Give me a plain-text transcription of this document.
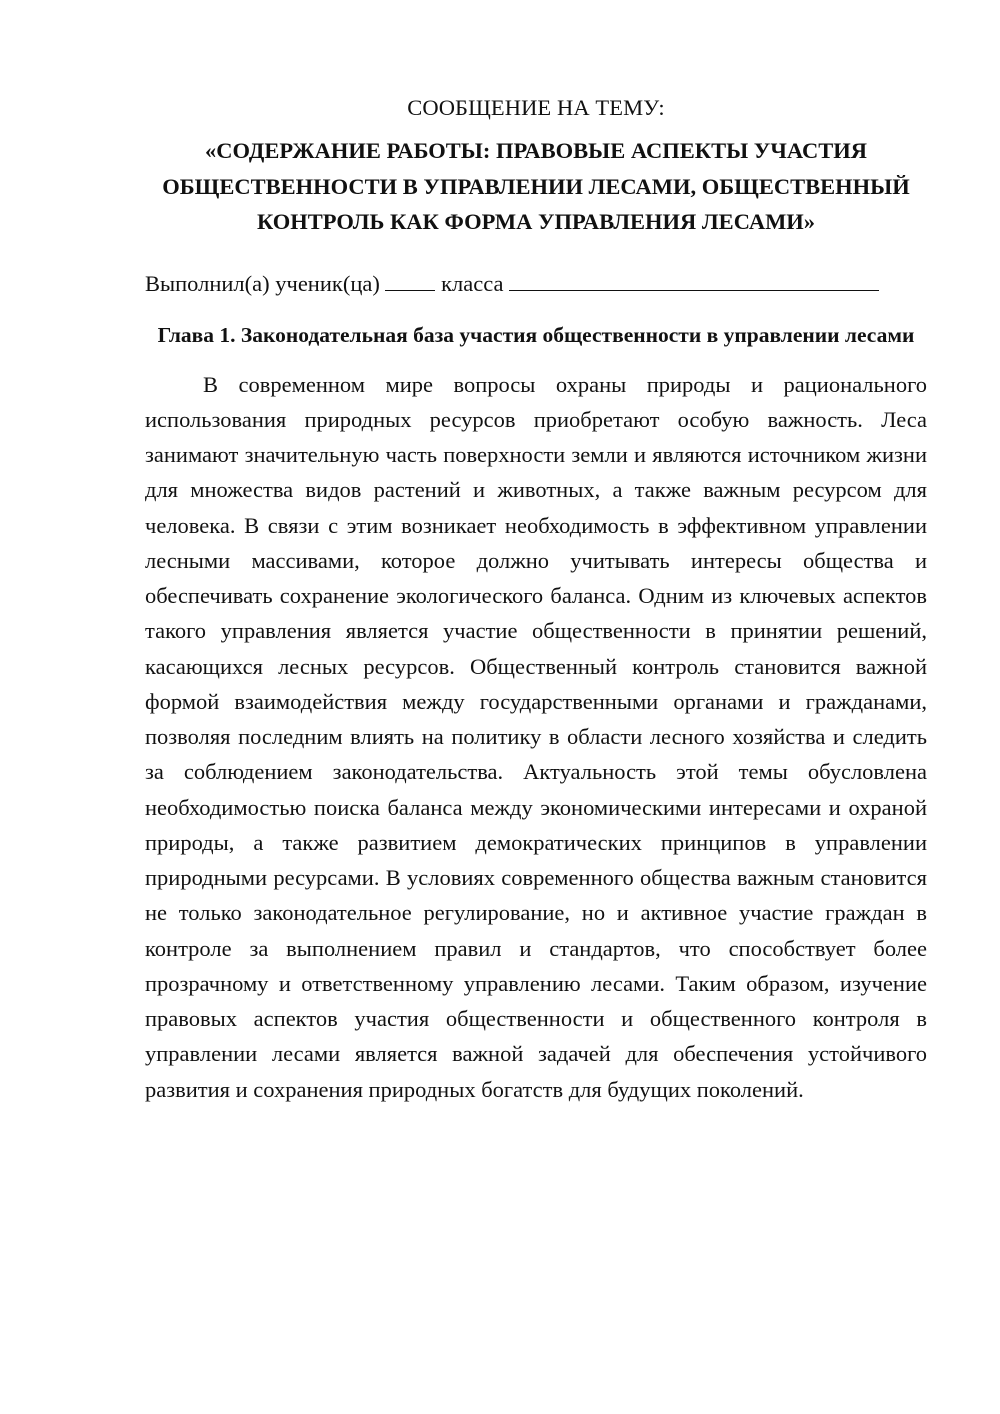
СООБЩЕНИЕ НА ТЕМУ:

«СОДЕРЖАНИЕ РАБОТЫ: ПРАВОВЫЕ АСПЕКТЫ УЧАСТИЯ ОБЩЕСТВЕННОСТИ В УПРАВЛЕНИИ ЛЕСАМИ, ОБЩЕСТВЕННЫЙ КОНТРОЛЬ КАК ФОРМА УПРАВЛЕНИЯ ЛЕСАМИ»

Выполнил(а) ученик(ца)	класса

Глава 1. Законодательная база участия общественности в управлении лесами

В современном мире вопросы охраны природы и рационального использования природных ресурсов приобретают особую важность. Леса занимают значительную часть поверхности земли и являются источником жизни для множества видов растений и животных, а также важным ресурсом для человека. В связи с этим возникает необходимость в эффективном управлении лесными массивами, которое должно учитывать интересы общества и обеспечивать сохранение экологического баланса. Одним из ключевых аспектов такого управления является участие общественности в принятии решений, касающихся лесных ресурсов. Общественный контроль становится важной формой взаимодействия между государственными органами и гражданами, позволяя последним влиять на политику в области лесного хозяйства и следить за соблюдением законодательства. Актуальность этой темы обусловлена необходимостью поиска баланса между экономическими интересами и охраной природы, а также развитием демократических принципов в управлении природными ресурсами. В условиях современного общества важным становится не только законодательное регулирование, но и активное участие граждан в контроле за выполнением правил и стандартов, что способствует более прозрачному и ответственному управлению лесами. Таким образом, изучение правовых аспектов участия общественности и общественного контроля в управлении лесами является важной задачей для обеспечения устойчивого развития и сохранения природных богатств для будущих поколений.
